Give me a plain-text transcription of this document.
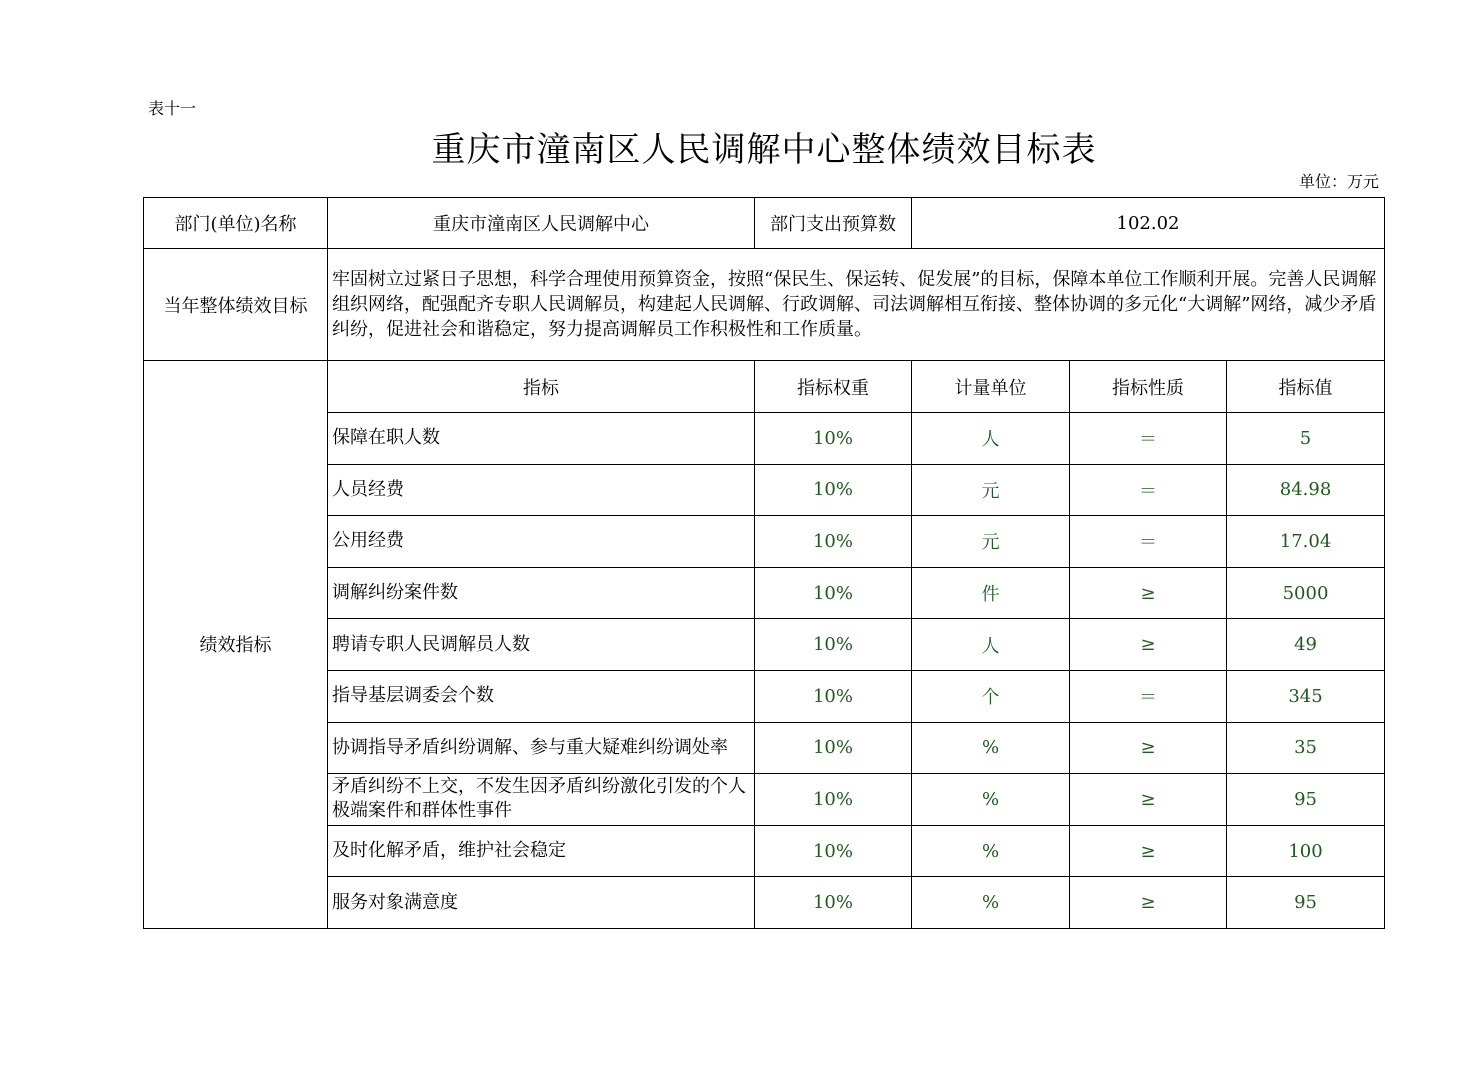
表十一
重庆市潼南区人民调解中心整体绩效目标表
单位：万元
部门(单位)名称	重庆市潼南区人民调解中心	部门支出预算数	102.02		
当年整体绩效目标	牢固树立过紧日子思想，科学合理使用预算资金，按照“保民生、保运转、促发展”的目标，保障本单位工作顺利开展。完善人民调解组织网络，配强配齐专职人民调解员，构建起人民调解、行政调解、司法调解相互衔接、整体协调的多元化“大调解”网络，减少矛盾纠纷，促进社会和谐稳定，努力提高调解员工作积极性和工作质量。				
绩效指标	指标	指标权重	计量单位	指标性质	指标值
	保障在职人数	10%	人	＝	5
	人员经费	10%	元	＝	84.98
	公用经费	10%	元	＝	17.04
	调解纠纷案件数	10%	件	≥	5000
	聘请专职人民调解员人数	10%	人	≥	49
	指导基层调委会个数	10%	个	＝	345
	协调指导矛盾纠纷调解、参与重大疑难纠纷调处率	10%	%	≥	35
	矛盾纠纷不上交，不发生因矛盾纠纷激化引发的个人极端案件和群体性事件	10%	%	≥	95
	及时化解矛盾，维护社会稳定	10%	%	≥	100
	服务对象满意度	10%	%	≥	95
